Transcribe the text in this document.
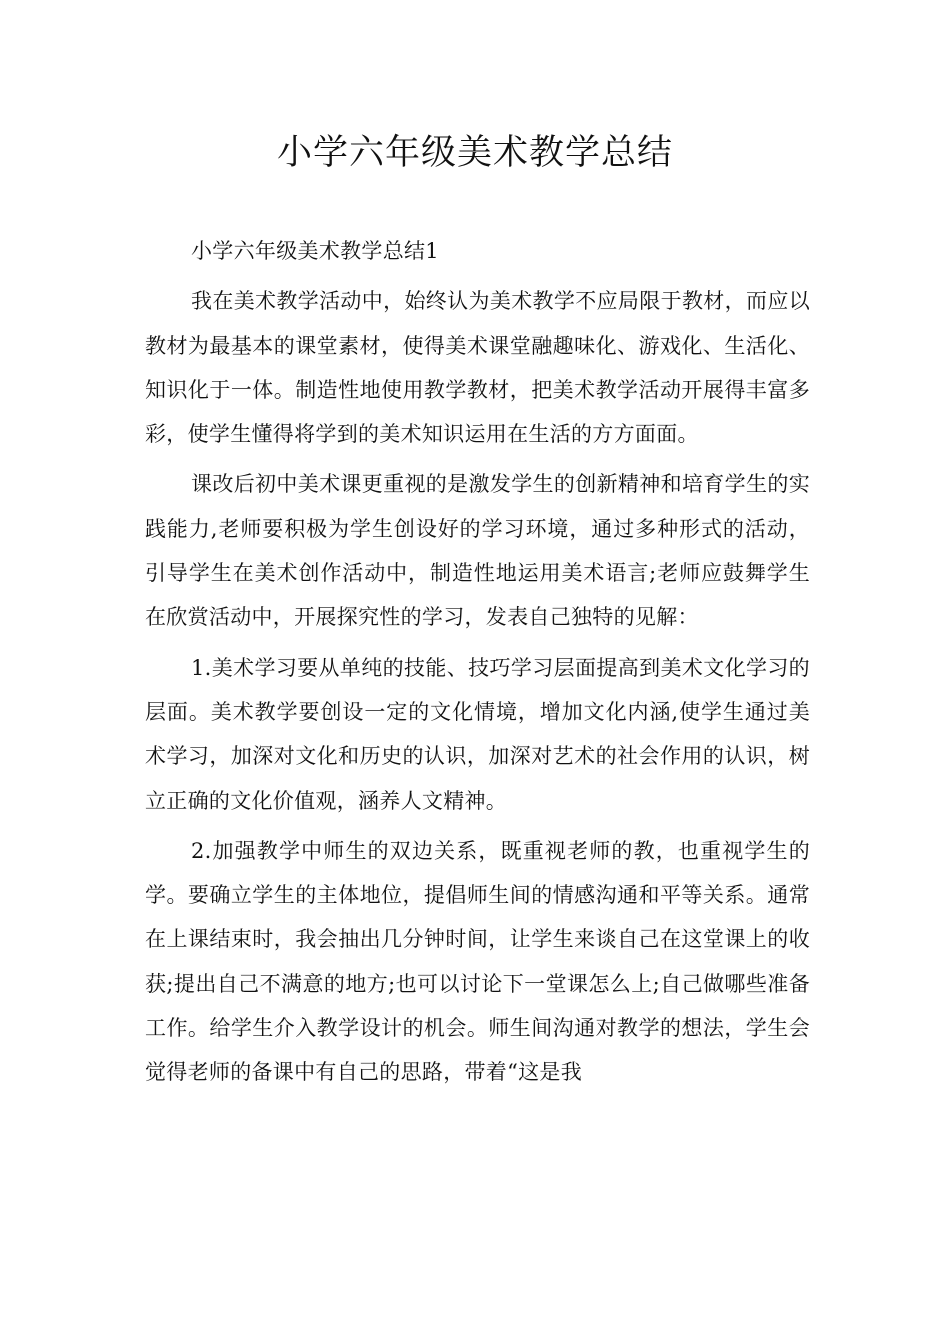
小学六年级美术教学总结

小学六年级美术教学总结1

我在美术教学活动中，始终认为美术教学不应局限于教材，而应以教材为最基本的课堂素材，使得美术课堂融趣味化、游戏化、生活化、知识化于一体。制造性地使用教学教材，把美术教学活动开展得丰富多彩，使学生懂得将学到的美术知识运用在生活的方方面面。

课改后初中美术课更重视的是激发学生的创新精神和培育学生的实践能力,老师要积极为学生创设好的学习环境，通过多种形式的活动，引导学生在美术创作活动中，制造性地运用美术语言;老师应鼓舞学生在欣赏活动中，开展探究性的学习，发表自己独特的见解：

1.美术学习要从单纯的技能、技巧学习层面提高到美术文化学习的层面。美术教学要创设一定的文化情境，增加文化内涵,使学生通过美术学习，加深对文化和历史的认识，加深对艺术的社会作用的认识，树立正确的文化价值观，涵养人文精神。

2.加强教学中师生的双边关系，既重视老师的教，也重视学生的学。要确立学生的主体地位，提倡师生间的情感沟通和平等关系。通常在上课结束时，我会抽出几分钟时间，让学生来谈自己在这堂课上的收获;提出自己不满意的地方;也可以讨论下一堂课怎么上;自己做哪些准备工作。给学生介入教学设计的机会。师生间沟通对教学的想法，学生会觉得老师的备课中有自己的思路，带着“这是我
